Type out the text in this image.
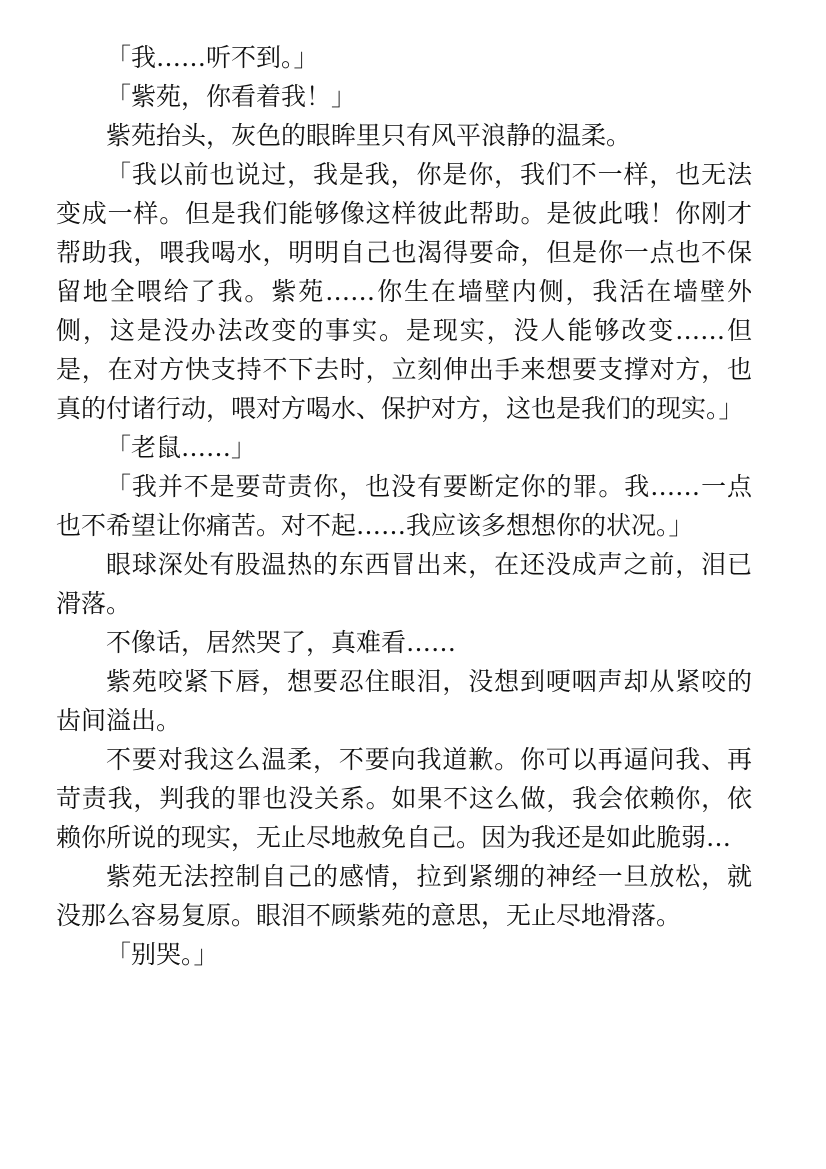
「我……听不到。」

「紫苑，你看着我！」

紫苑抬头，灰色的眼眸里只有风平浪静的温柔。

「我以前也说过，我是我，你是你，我们不一样，也无法变成一样。但是我们能够像这样彼此帮助。是彼此哦！你刚才帮助我，喂我喝水，明明自己也渴得要命，但是你一点也不保留地全喂给了我。紫苑……你生在墙壁内侧，我活在墙壁外侧，这是没办法改变的事实。是现实，没人能够改变……但是，在对方快支持不下去时，立刻伸出手来想要支撑对方，也真的付诸行动，喂对方喝水、保护对方，这也是我们的现实。」

「老鼠……」

「我并不是要苛责你，也没有要断定你的罪。我……一点也不希望让你痛苦。对不起……我应该多想想你的状况。」

眼球深处有股温热的东西冒出来，在还没成声之前，泪已滑落。

不像话，居然哭了，真难看……

紫苑咬紧下唇，想要忍住眼泪，没想到哽咽声却从紧咬的齿间溢出。

不要对我这么温柔，不要向我道歉。你可以再逼问我、再苛责我，判我的罪也没关系。如果不这么做，我会依赖你，依赖你所说的现实，无止尽地赦免自己。因为我还是如此脆弱…

紫苑无法控制自己的感情，拉到紧绷的神经一旦放松，就没那么容易复原。眼泪不顾紫苑的意思，无止尽地滑落。

「别哭。」
